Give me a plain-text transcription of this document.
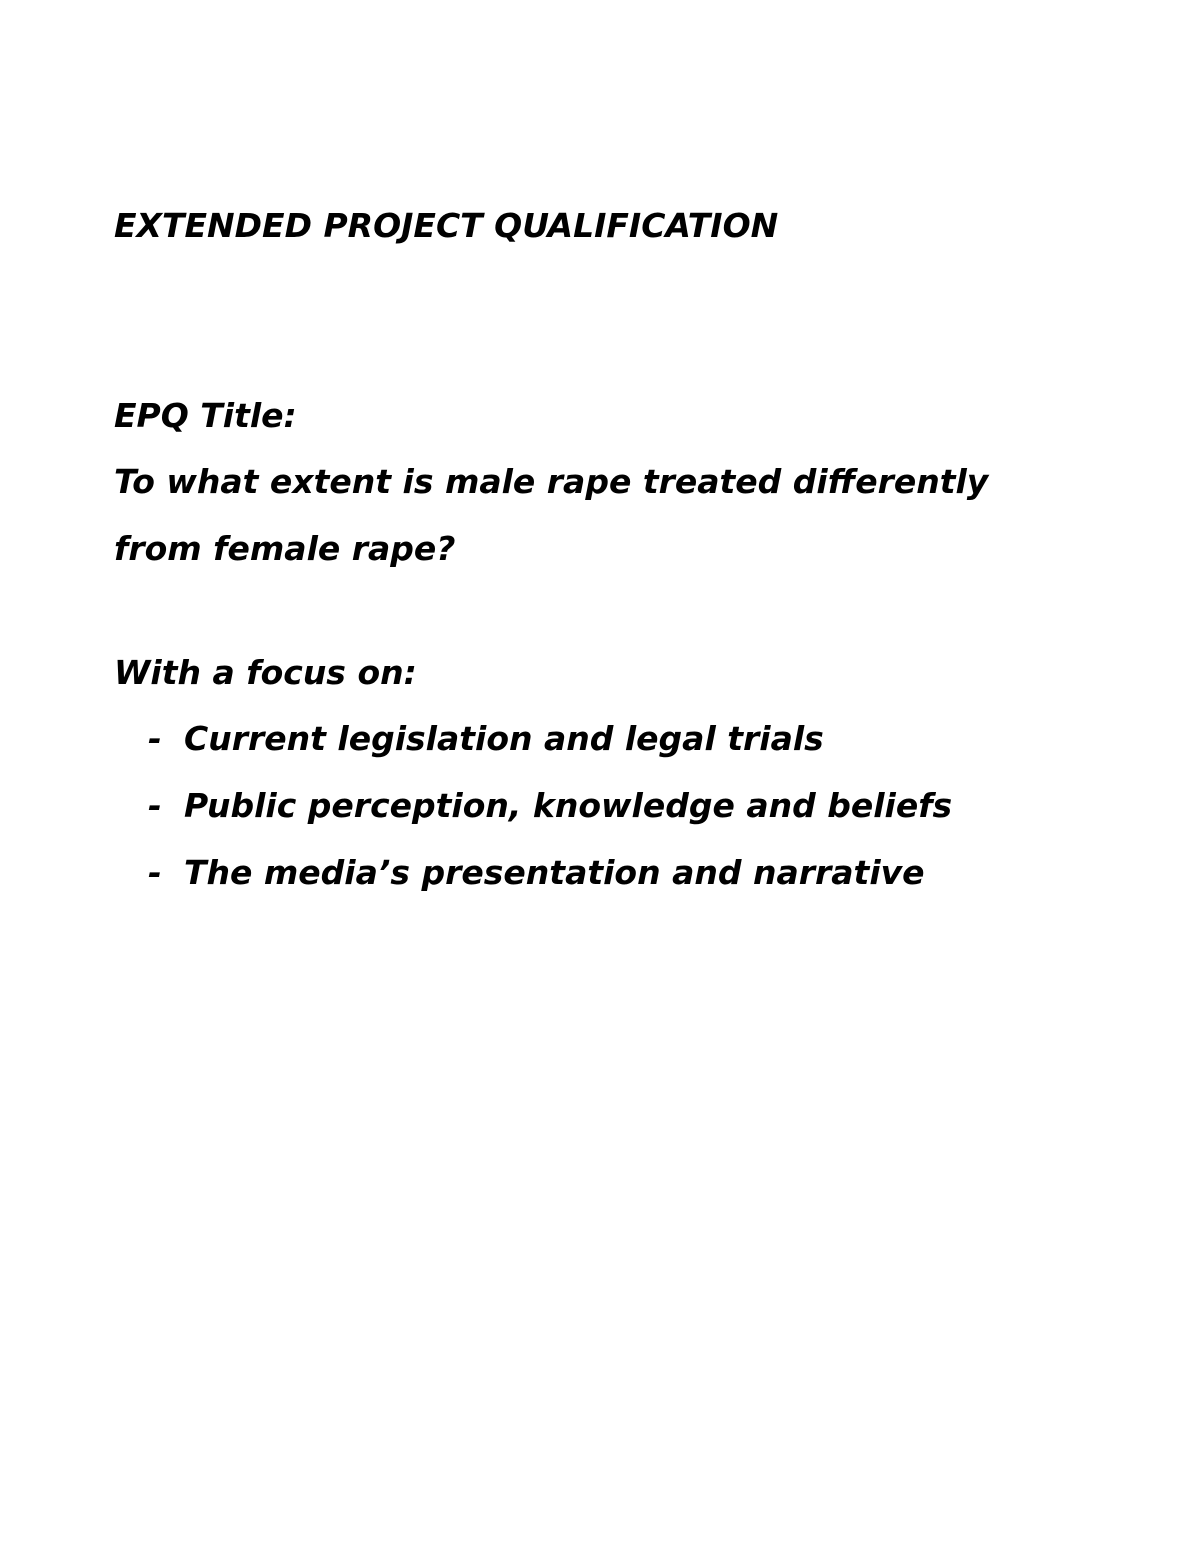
EXTENDED PROJECT QUALIFICATION
EPQ Title:
To what extent is male rape treated differently
from female rape?
With a focus on:
- Current legislation and legal trials
- Public perception, knowledge and beliefs
- The media’s presentation and narrative
